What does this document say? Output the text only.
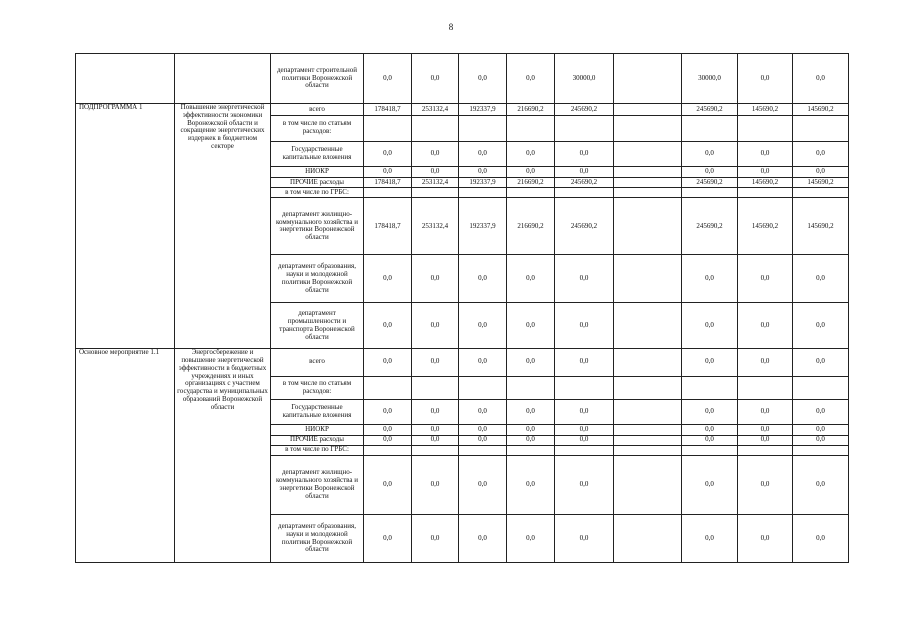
8
		департамент строительной политики Воронежской области	0,0	0,0	0,0	0,0	30000,0		30000,0	0,0	0,0
ПОДПРОГРАММА 1	Повышение энергетической эффективности экономики Воронежской области и сокращение энергетических издержек в бюджетном секторе	всего	178418,7	253132,4	192337,9	216690,2	245690,2		245690,2	145690,2	145690,2
		в том числе по статьям расходов:									
		Государственные капитальные вложения	0,0	0,0	0,0	0,0	0,0		0,0	0,0	0,0
		НИОКР	0,0	0,0	0,0	0,0	0,0		0,0	0,0	0,0
		ПРОЧИЕ расходы	178418,7	253132,4	192337,9	216690,2	245690,2		245690,2	145690,2	145690,2
		в том числе по ГРБС:									
		департамент жилищно-коммунального хозяйства и энергетики Воронежской области	178418,7	253132,4	192337,9	216690,2	245690,2		245690,2	145690,2	145690,2
		департамент образования, науки и молодежной политики Воронежской области	0,0	0,0	0,0	0,0	0,0		0,0	0,0	0,0
		департамент промышленности и транспорта Воронежской области	0,0	0,0	0,0	0,0	0,0		0,0	0,0	0,0
Основное мероприятие 1.1	Энергосбережение и повышение энергетической эффективности в бюджетных учреждениях и иных организациях с участием государства и муниципальных образований Воронежской области	всего	0,0	0,0	0,0	0,0	0,0		0,0	0,0	0,0
		в том числе по статьям расходов:									
		Государственные капитальные вложения	0,0	0,0	0,0	0,0	0,0		0,0	0,0	0,0
		НИОКР	0,0	0,0	0,0	0,0	0,0		0,0	0,0	0,0
		ПРОЧИЕ расходы	0,0	0,0	0,0	0,0	0,0		0,0	0,0	0,0
		в том числе по ГРБС:									
		департамент жилищно-коммунального хозяйства и энергетики Воронежской области	0,0	0,0	0,0	0,0	0,0		0,0	0,0	0,0
		департамент образования, науки и молодежной политики Воронежской области	0,0	0,0	0,0	0,0	0,0		0,0	0,0	0,0
